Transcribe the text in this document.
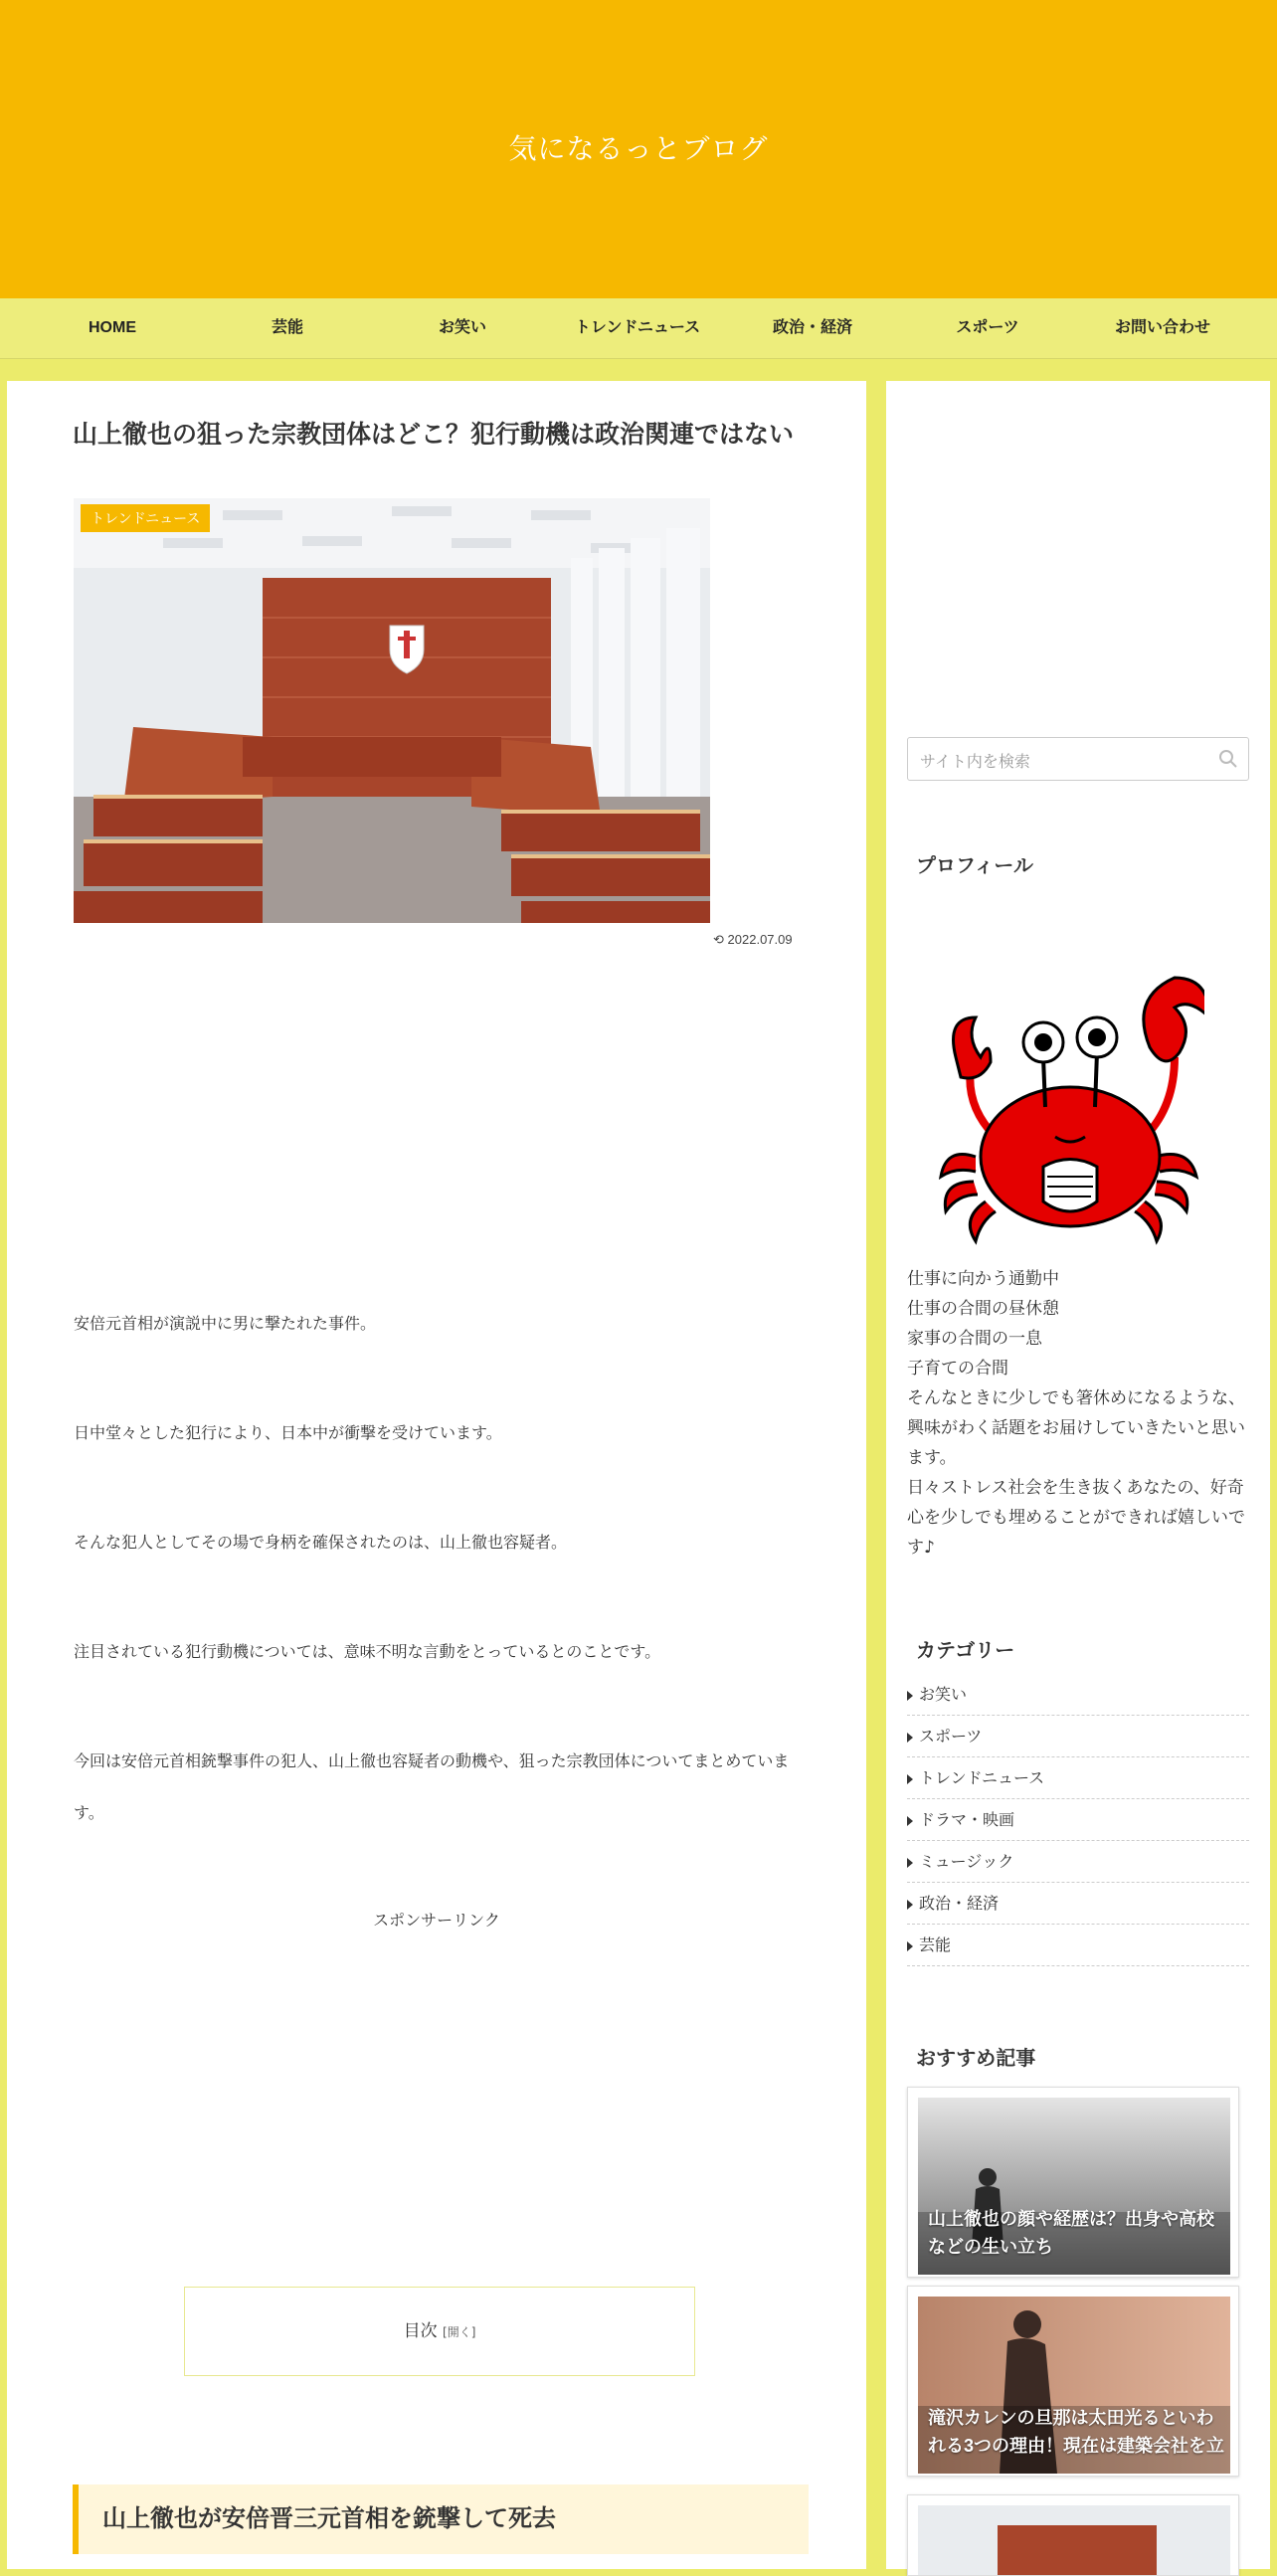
気になるっとブログ
HOME	芸能	お笑い	トレンドニュース	政治・経済	スポーツ	お問い合わせ
山上徹也の狙った宗教団体はどこ？犯行動機は政治関連ではない
トレンドニュース
⟲ 2022.07.09
安倍元首相が演説中に男に撃たれた事件。
日中堂々とした犯行により、日本中が衝撃を受けています。
そんな犯人としてその場で身柄を確保されたのは、山上徹也容疑者。
注目されている犯行動機については、意味不明な言動をとっているとのことです。
今回は安倍元首相銃撃事件の犯人、山上徹也容疑者の動機や、狙った宗教団体についてまとめています。
スポンサーリンク
目次 [開く]
山上徹也が安倍晋三元首相を銃撃して死去
サイト内を検索
プロフィール
仕事に向かう通勤中
仕事の合間の昼休憩
家事の合間の一息
子育ての合間
そんなときに少しでも箸休めになるような、興味がわく話題をお届けしていきたいと思います。
日々ストレス社会を生き抜くあなたの、好奇心を少しでも埋めることができれば嬉しいです♪
カテゴリー
お笑い
スポーツ
トレンドニュース
ドラマ・映画
ミュージック
政治・経済
芸能
おすすめ記事
山上徹也の顔や経歴は？出身や高校などの生い立ち
滝沢カレンの旦那は太田光るといわれる3つの理由！現在は建築会社を立
